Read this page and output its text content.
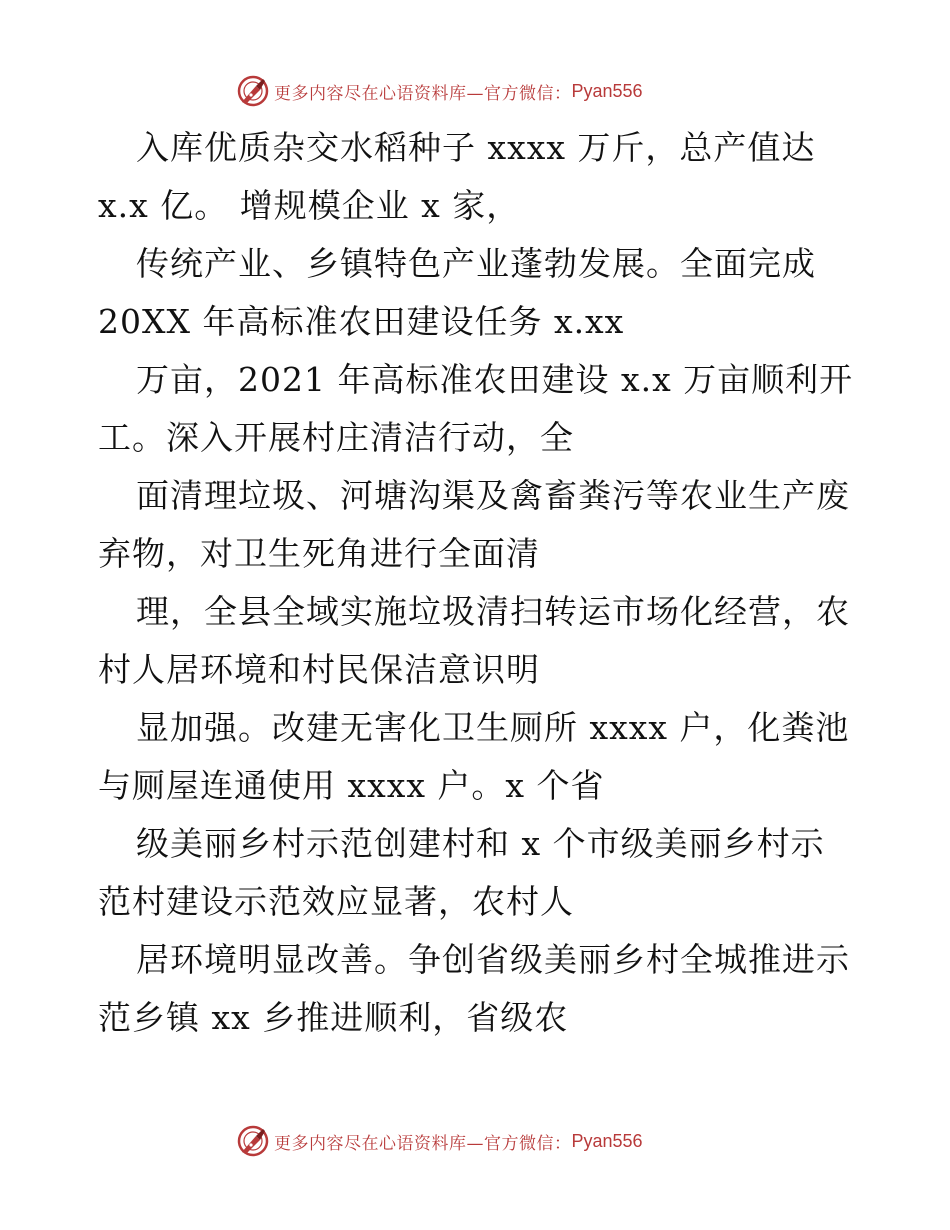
更多内容尽在心语资料库—官方微信： Pyan556
入库优质杂交水稻种子 xxxx 万斤，总产值达
x.x 亿。 增规模企业 x 家，
传统产业、乡镇特色产业蓬勃发展。全面完成
20XX 年高标准农田建设任务 x.xx
万亩，2021 年高标准农田建设 x.x 万亩顺利开
工。深入开展村庄清洁行动，全
面清理垃圾、河塘沟渠及禽畜粪污等农业生产废
弃物，对卫生死角进行全面清
理，全县全域实施垃圾清扫转运市场化经营，农
村人居环境和村民保洁意识明
显加强。改建无害化卫生厕所 xxxx 户，化粪池
与厕屋连通使用 xxxx 户。x 个省
级美丽乡村示范创建村和 x 个市级美丽乡村示
范村建设示范效应显著，农村人
居环境明显改善。争创省级美丽乡村全城推进示
范乡镇 xx 乡推进顺利，省级农
更多内容尽在心语资料库—官方微信： Pyan556
